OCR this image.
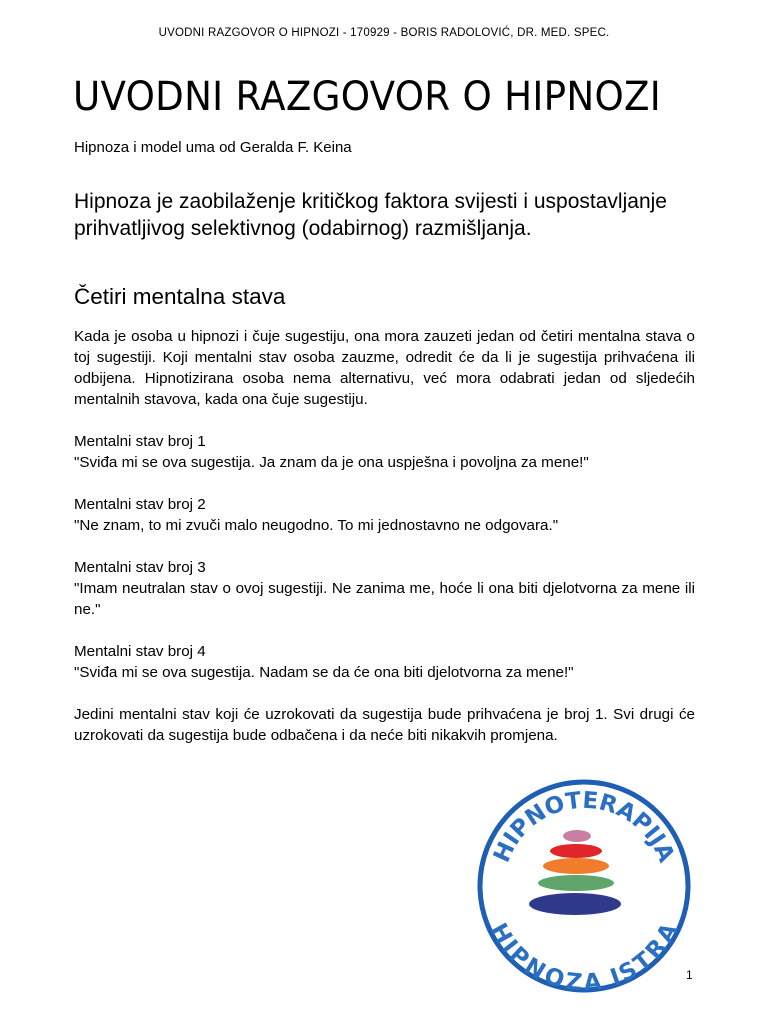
UVODNI RAZGOVOR O HIPNOZI - 170929 - BORIS RADOLOVIĆ, DR. MED. SPEC.
UVODNI RAZGOVOR O HIPNOZI
Hipnoza i model uma od Geralda F. Keina
Hipnoza je zaobilaženje kritičkog faktora svijesti i uspostavljanje prihvatljivog selektivnog (odabirnog) razmišljanja.
Četiri mentalna stava

Kada je osoba u hipnozi i čuje sugestiju, ona mora zauzeti jedan od četiri mentalna stava o toj sugestiji. Koji mentalni stav osoba zauzme, odredit će da li je sugestija prihvaćena ili odbijena. Hipnotizirana osoba nema alternativu, već mora odabrati jedan od sljedećih mentalnih stavova, kada ona čuje sugestiju.

Mentalni stav broj 1
"Sviđa mi se ova sugestija. Ja znam da je ona uspješna i povoljna za mene!"

Mentalni stav broj 2
"Ne znam, to mi zvuči malo neugodno. To mi jednostavno ne odgovara."

Mentalni stav broj 3
"Imam neutralan stav o ovoj sugestiji. Ne zanima me, hoće li ona biti djelotvorna za mene ili ne."

Mentalni stav broj 4
"Sviđa mi se ova sugestija. Nadam se da će ona biti djelotvorna za mene!"

Jedini mentalni stav koji će uzrokovati da sugestija bude prihvaćena je broj 1. Svi drugi će uzrokovati da sugestija bude odbačena i da neće biti nikakvih promjena.

HIPNOTERAPIJA
HIPNOZA ISTRA
1
